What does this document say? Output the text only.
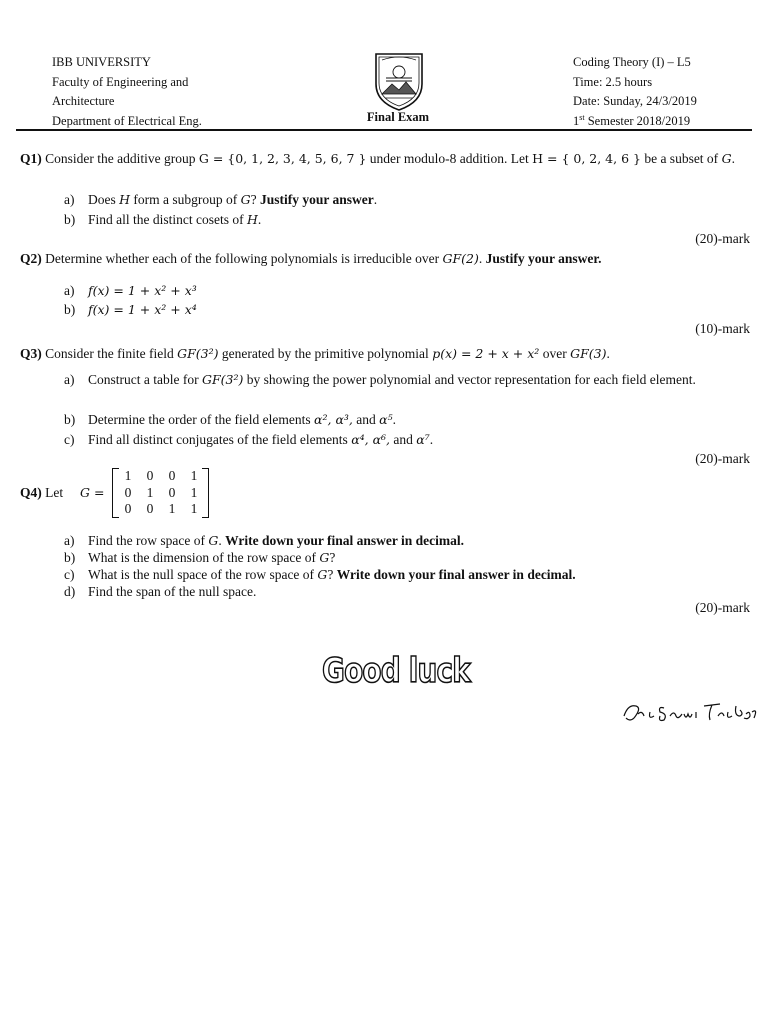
IBB UNIVERSITY
Faculty of Engineering and
Architecture
Department of Electrical Eng.	Final Exam
Coding Theory (I) – L5
Time: 2.5 hours
Date: Sunday, 24/3/2019
1st Semester 2018/2019
Q1) Consider the additive group G = {0, 1, 2, 3, 4, 5, 6, 7 } under modulo-8 addition. Let H = { 0, 2, 4, 6 } be a subset of G.
a) Does H form a subgroup of G? Justify your answer.
b) Find all the distinct cosets of H.
(20)-mark
Q2) Determine whether each of the following polynomials is irreducible over GF(2). Justify your answer.
a) f(x) = 1 + x² + x³
b) f(x) = 1 + x² + x⁴
(10)-mark
Q3) Consider the finite field GF(3²) generated by the primitive polynomial p(x) = 2 + x + x² over GF(3).
a) Construct a table for GF(3²) by showing the power polynomial and vector representation for each field element.
b) Determine the order of the field elements α², α³, and α⁵.
c) Find all distinct conjugates of the field elements α⁴, α⁶, and α⁷.
(20)-mark
Q4) Let G =
1	0	0	1
0	1	0	1
0	0	1	1
a) Find the row space of G. Write down your final answer in decimal.
b) What is the dimension of the row space of G?
c) What is the null space of the row space of G? Write down your final answer in decimal.
d) Find the span of the null space.
(20)-mark
Good luck
